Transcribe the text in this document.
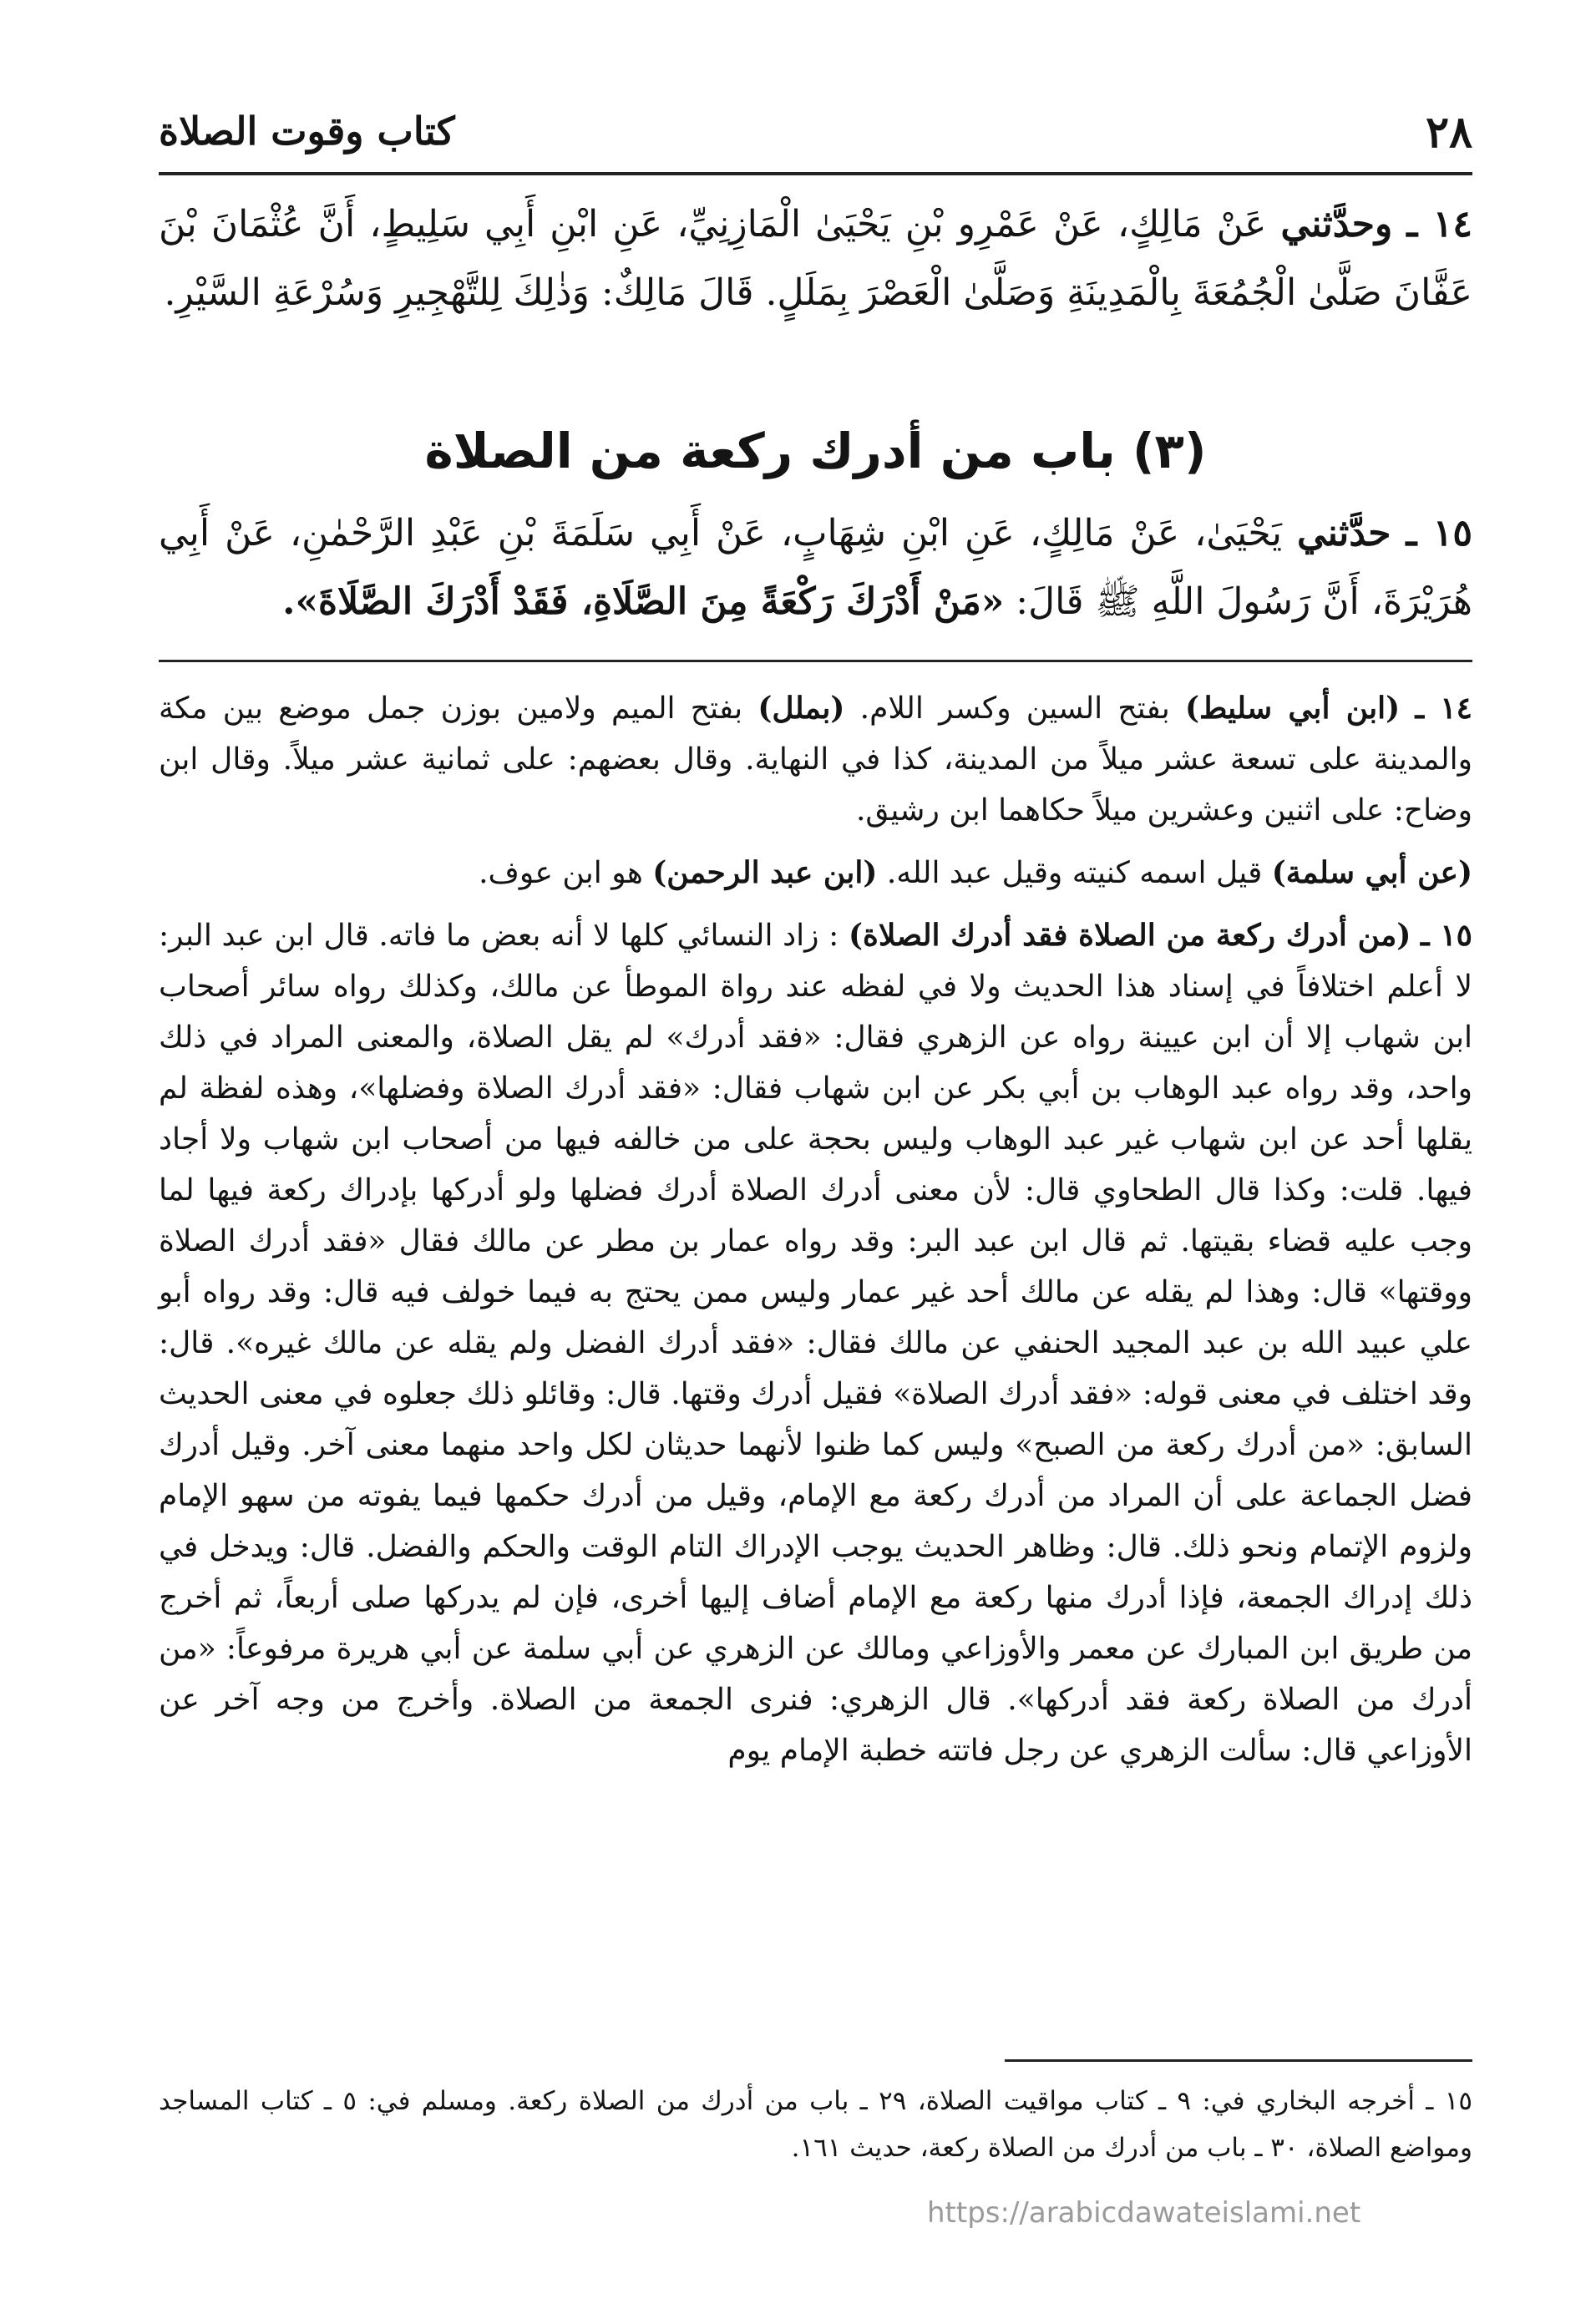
٢٨
كتاب وقوت الصلاة
١٤ ـ وحدَّثني عَنْ مَالِكٍ، عَنْ عَمْرِو بْنِ يَحْيَىٰ الْمَازِنِيِّ، عَنِ ابْنِ أَبِي سَلِيطٍ، أَنَّ عُثْمَانَ بْنَ عَفَّانَ صَلَّىٰ الْجُمُعَةَ بِالْمَدِينَةِ وَصَلَّىٰ الْعَصْرَ بِمَلَلٍ. قَالَ مَالِكٌ: وَذٰلِكَ لِلتَّهْجِيرِ وَسُرْعَةِ السَّيْرِ.
(٣) باب من أدرك ركعة من الصلاة
١٥ ـ حدَّثني يَحْيَىٰ، عَنْ مَالِكٍ، عَنِ ابْنِ شِهَابٍ، عَنْ أَبِي سَلَمَةَ بْنِ عَبْدِ الرَّحْمٰنِ، عَنْ أَبِي هُرَيْرَةَ، أَنَّ رَسُولَ اللَّهِ ﷺ قَالَ: «مَنْ أَدْرَكَ رَكْعَةً مِنَ الصَّلَاةِ، فَقَدْ أَدْرَكَ الصَّلَاةَ».

١٤ ـ (ابن أبي سليط) بفتح السين وكسر اللام. (بملل) بفتح الميم ولامين بوزن جمل موضع بين مكة والمدينة على تسعة عشر ميلاً من المدينة، كذا في النهاية. وقال بعضهم: على ثمانية عشر ميلاً. وقال ابن وضاح: على اثنين وعشرين ميلاً حكاهما ابن رشيق.

(عن أبي سلمة) قيل اسمه كنيته وقيل عبد الله. (ابن عبد الرحمن) هو ابن عوف.

١٥ ـ (من أدرك ركعة من الصلاة فقد أدرك الصلاة) : زاد النسائي كلها لا أنه بعض ما فاته. قال ابن عبد البر: لا أعلم اختلافاً في إسناد هذا الحديث ولا في لفظه عند رواة الموطأ عن مالك، وكذلك رواه سائر أصحاب ابن شهاب إلا أن ابن عيينة رواه عن الزهري فقال: «فقد أدرك» لم يقل الصلاة، والمعنى المراد في ذلك واحد، وقد رواه عبد الوهاب بن أبي بكر عن ابن شهاب فقال: «فقد أدرك الصلاة وفضلها»، وهذه لفظة لم يقلها أحد عن ابن شهاب غير عبد الوهاب وليس بحجة على من خالفه فيها من أصحاب ابن شهاب ولا أجاد فيها. قلت: وكذا قال الطحاوي قال: لأن معنى أدرك الصلاة أدرك فضلها ولو أدركها بإدراك ركعة فيها لما وجب عليه قضاء بقيتها. ثم قال ابن عبد البر: وقد رواه عمار بن مطر عن مالك فقال «فقد أدرك الصلاة ووقتها» قال: وهذا لم يقله عن مالك أحد غير عمار وليس ممن يحتج به فيما خولف فيه قال: وقد رواه أبو علي عبيد الله بن عبد المجيد الحنفي عن مالك فقال: «فقد أدرك الفضل ولم يقله عن مالك غيره». قال: وقد اختلف في معنى قوله: «فقد أدرك الصلاة» فقيل أدرك وقتها. قال: وقائلو ذلك جعلوه في معنى الحديث السابق: «من أدرك ركعة من الصبح» وليس كما ظنوا لأنهما حديثان لكل واحد منهما معنى آخر. وقيل أدرك فضل الجماعة على أن المراد من أدرك ركعة مع الإمام، وقيل من أدرك حكمها فيما يفوته من سهو الإمام ولزوم الإتمام ونحو ذلك. قال: وظاهر الحديث يوجب الإدراك التام الوقت والحكم والفضل. قال: ويدخل في ذلك إدراك الجمعة، فإذا أدرك منها ركعة مع الإمام أضاف إليها أخرى، فإن لم يدركها صلى أربعاً، ثم أخرج من طريق ابن المبارك عن معمر والأوزاعي ومالك عن الزهري عن أبي سلمة عن أبي هريرة مرفوعاً: «من أدرك من الصلاة ركعة فقد أدركها». قال الزهري: فنرى الجمعة من الصلاة. وأخرج من وجه آخر عن الأوزاعي قال: سألت الزهري عن رجل فاتته خطبة الإمام يوم

١٥ ـ أخرجه البخاري في: ٩ ـ كتاب مواقيت الصلاة، ٢٩ ـ باب من أدرك من الصلاة ركعة. ومسلم في: ٥ ـ كتاب المساجد ومواضع الصلاة، ٣٠ ـ باب من أدرك من الصلاة ركعة، حديث ١٦١.
https://arabicdawateislami.net
